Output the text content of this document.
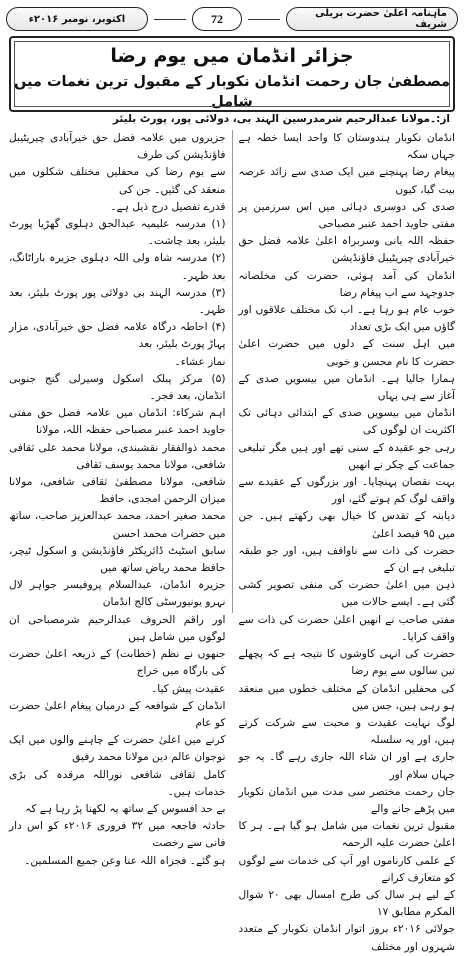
ماہنامہ اعلیٰ حضرت بریلی شریف
72
اکتوبر، نومبر ۲۰۱۶ء
جزائر انڈمان میں یوم رضا
مصطفیٰ جان رحمت انڈمان نکوبار کے مقبول ترین نغمات میں شامل
از:۔مولانا عبدالرحیم شرمدرسین الہند بی، دولائی پور، پورٹ بلیئر
انڈمان نکوبار ہندوستان کا واحد ایسا خطہ ہے جہاں سکہ
پیغام رضا پہنچنے میں ایک صدی سے زائد عرصہ بیت گیا، کیوں
صدی کی دوسری دہائی میں اس سرزمین پر مفتی جاوید احمد عنبر مصباحی
حفظہ اللہ بانی وسربراہ اعلیٰ علامہ فضل حق خیرآبادی چیریٹیبل فاؤنڈیشن
انڈمان کی آمد ہوئی، حضرت کی مخلصانہ جدوجہد سے اب پیغام رضا
خوب عام ہو رہا ہے۔ اب تک مختلف علاقوں اور گاؤں میں ایک بڑی تعداد
میں اہل سنت کے دلوں میں حضرت اعلیٰ حضرت کا نام محسن و خوبی
ہمارا جالیا ہے۔ انڈمان میں بیسویں صدی کے آغاز سے ہی یہاں
انڈمان میں بیسویں صدی کے ابتدائی دہائی تک اکثریت ان لوگوں کی
رہی جو عقیدہ کے سنی تھے اور ہیں مگر تبلیغی جماعت کے چکر نے انھیں
بہت نقصان پہنچایا۔ اور بزرگوں کے عقیدے سے واقف لوگ کم ہوتے گئے، اور
دیابنہ کے تقدس کا خیال بھی رکھتے ہیں۔ جن میں ۹۵ فیصد اعلیٰ
حضرت کی ذات سے ناواقف ہیں، اور جو طبقہ تبلیغی ہے ان کے
ذہن میں اعلیٰ حضرت کی منفی تصویر کشی گئی ہے۔ ایسے حالات میں
مفتی صاحب نے انھیں اعلیٰ حضرت کی ذات سے واقف کرایا۔
حضرت کی انہی کاوشوں کا نتیجہ ہے کہ پچھلے تین سالوں سے یوم رضا
کی محفلیں انڈمان کے مختلف خطوں میں منعقد ہو رہی ہیں، جس میں
لوگ نہایت عقیدت و محبت سے شرکت کرتے ہیں، اور یہ سلسلہ
جاری ہے اور ان شاء اللہ جاری رہے گا۔ یہ جو جہاں سلام اور
جان رحمت مختصر سی مدت میں انڈمان نکوبار میں پڑھے جانے والے
مقبول ترین نغمات میں شامل ہو گیا ہے۔ ہر کا اعلیٰ حضرت علیہ الرحمہ
کے علمی کارناموں اور آپ کی خدمات سے لوگوں کو متعارف کرانے
کے لیے ہر سال کی طرح امسال بھی ۲۰ شوال المکرم مطابق ۱۷
جولائی ۲۰۱۶ء بروز اتوار انڈمان نکوبار کے متعدد شہروں اور مختلف
جزیروں میں علامہ فضل حق خیرآبادی چیریٹیبل فاؤنڈیشن کی طرف
سے یوم رضا کی محفلیں مختلف شکلوں میں منعقد کی گئیں۔ جن کی
قدرے تفصیل درج ذیل ہے۔
(۱) مدرسہ علیمیہ عبدالحق دہلوی گھڑیا پورٹ بلیئر، بعد چاشت۔
(۲) مدرسہ شاہ ولی اللہ دہلوی جزیرہ باراٹانگ، بعد ظہر۔
(۳) مدرسہ الہند بی دولائی پور پورٹ بلیئر، بعد ظہر۔
(۴) احاطہ درگاہ علامہ فضل حق خیرآبادی، مزار پہاڑ پورٹ بلیئر، بعد
نماز عشاء۔
(۵) مرکز پبلک اسکول وسیرلی گنج جنوبی انڈمان، بعد فجر۔
اہم شرکاء: انڈمان میں علامہ فضل حق مفتی جاوید احمد عنبر مصباحی حفظہ اللہ، مولانا
محمد ذوالفقار نقشبندی، مولانا محمد علی ثقافی شافعی، مولانا محمد یوسف ثقافی
شافعی، مولانا مصطفیٰ ثقافی شافعی، مولانا میزان الرحمن امجدی، حافظ
محمد صغیر احمد، محمد عبدالعزیز صاحب، ساتھ میں حضرات محمد احسن
سابق اسٹیٹ ڈائریکٹر فاؤنڈیشن و اسکول ٹیچر، حافظ محمد ریاض ساتھ میں
جزیرہ انڈمان، عبدالسلام پروفیسر جواہر لال نہرو یونیورسٹی کالج انڈمان
اور راقم الحروف عبدالرحیم شرمصباحی ان لوگوں میں شامل ہیں
جنھوں نے نظم (خطابت) کے ذریعہ اعلیٰ حضرت کی بارگاہ میں خراج
عقیدت پیش کیا۔
انڈمان کے شوافعہ کے درمیان پیغام اعلیٰ حضرت کو عام
کرنے میں اعلیٰ حضرت کے چاہنے والوں میں ایک نوجوان عالم دین مولانا محمد رفیق
کامل ثقافی شافعی نوراللہ مرقدہ کی بڑی خدمات ہیں۔
بے حد افسوس کے ساتھ یہ لکھنا پڑ رہا ہے کہ
حادثہ فاجعہ میں ۳۲ فروری ۲۰۱۶ء کو اس دار فانی سے رخصت
ہو گئے۔ فجزاہ اللہ عنا وعن جمیع المسلمین۔
